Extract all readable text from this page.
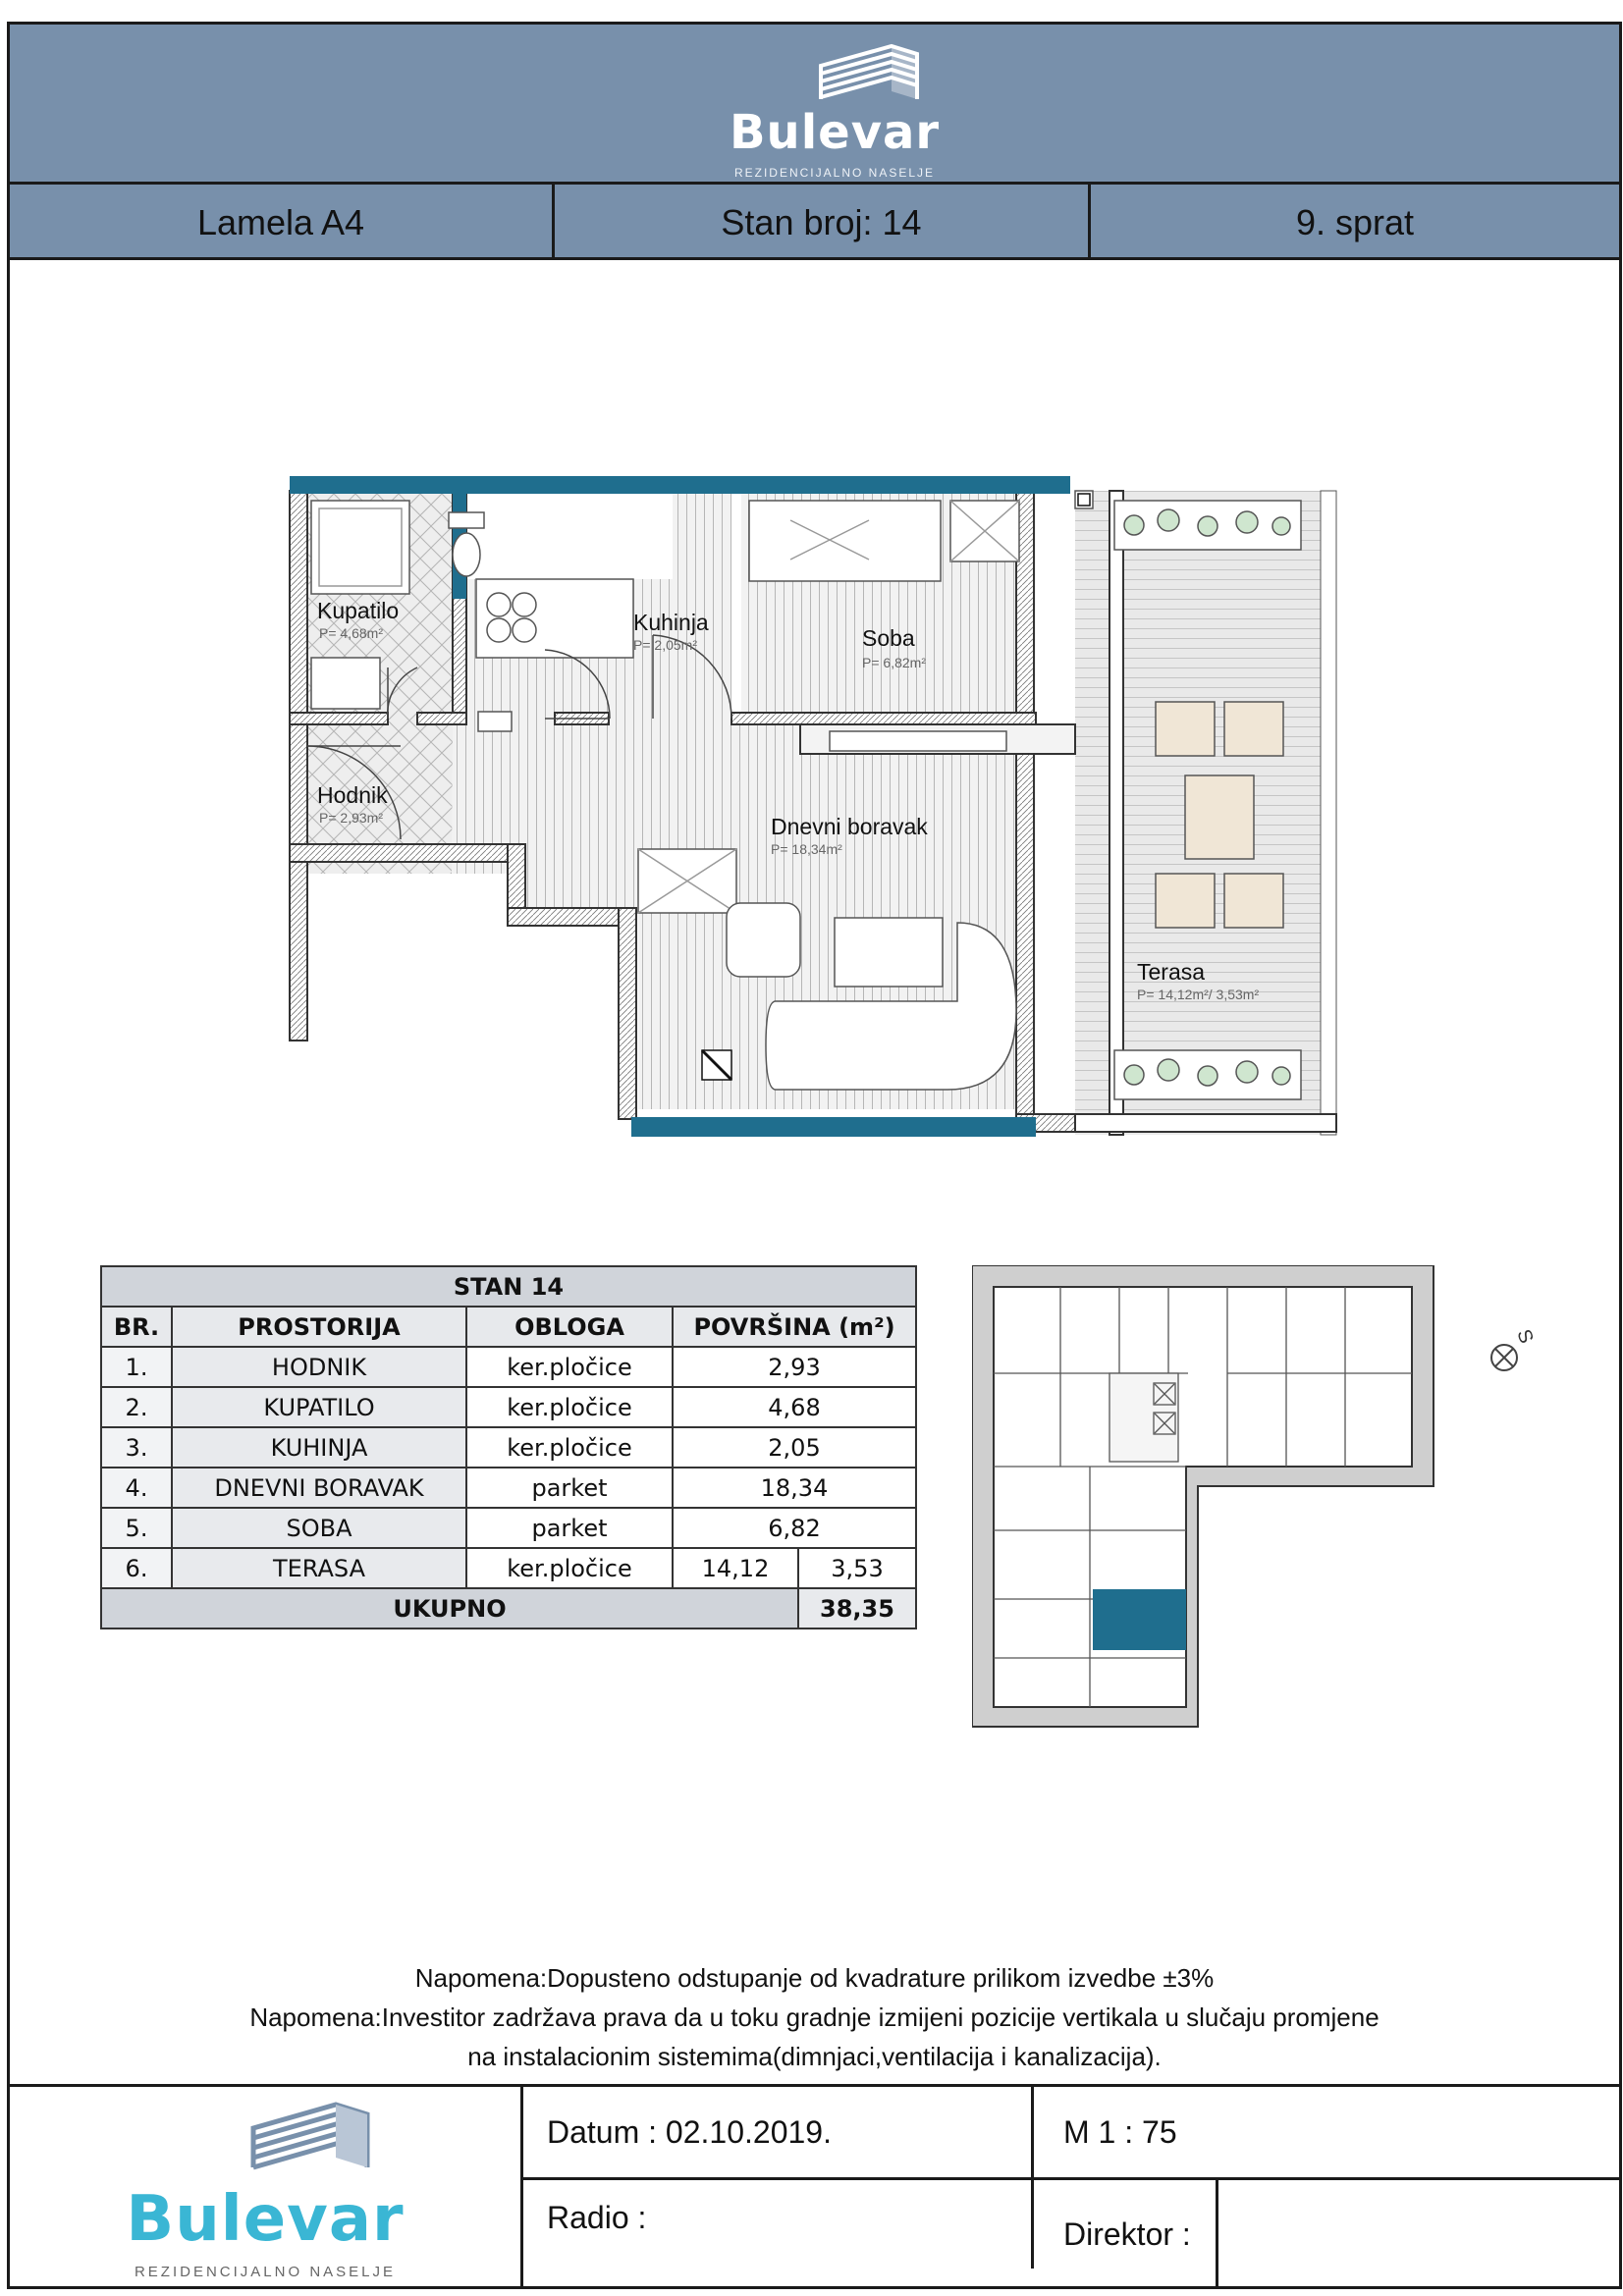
Bulevar
REZIDENCIJALNO NASELJE
Lamela A4	Stan broj: 14	9. sprat
Kupatilo
P= 4,68m²	Kuhinja
P= 2,05m²	Soba
P= 6,82m²
Hodnik
P= 2,93m²	Dnevni boravak
P= 18,34m²
Terasa
P= 14,12m²/ 3,53m²
STAN 14				
BR.	PROSTORIJA	OBLOGA	POVRŠINA (m²)	
1.	HODNIK	ker.pločice	2,93	
2.	KUPATILO	ker.pločice	4,68	
3.	KUHINJA	ker.pločice	2,05	
4.	DNEVNI BORAVAK	parket	18,34	
5.	SOBA	parket	6,82	
6.	TERASA	ker.pločice	14,12	3,53
UKUPNO				38,35
S
Napomena:Dopusteno odstupanje od kvadrature prilikom izvedbe ±3%
Napomena:Investitor zadržava prava da u toku gradnje izmijeni pozicije vertikala u slučaju promjene
na instalacionim sistemima(dimnjaci,ventilacija i kanalizacija).
Bulevar
REZIDENCIJALNO NASELJE
Datum : 02.10.2019.	M 1 : 75
Radio :	Direktor :
